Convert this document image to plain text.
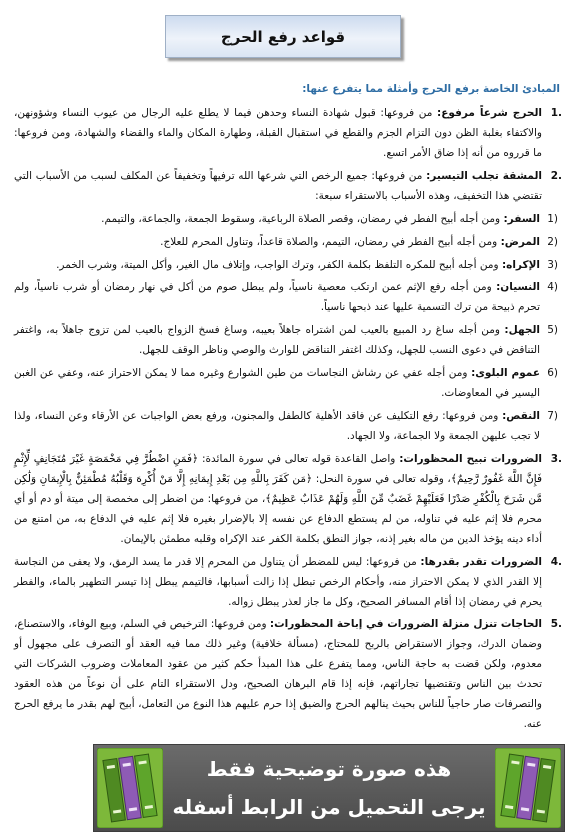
قواعد رفع الحرج
المبادئ الخاصة برفع الحرج وأمثلة مما يتفرع عنها:
1.
الحرج شرعاً مرفوع: من فروعها: قبول شهادة النساء وحدهن فيما لا يطلع عليه الرجال من عيوب النساء وشؤونهن، والاكتفاء بغلبة الظن دون التزام الجزم والقطع في استقبال القبلة، وطهارة المكان والماء والقضاء والشهادة، ومن فروعها: ما قرروه من أنه إذا ضاق الأمر اتسع.
2.
المشقة تجلب التيسير: من فروعها: جميع الرخص التي شرعها الله ترفيهاً وتخفيفاً عن المكلف لسبب من الأسباب التي تقتضي هذا التخفيف، وهذه الأسباب بالاستقراء سبعة:
1)
السفر: ومن أجله أبيح الفطر في رمضان، وقصر الصلاة الرباعية، وسقوط الجمعة، والجماعة، والتيمم.
2)
المرض: ومن أجله أبيح الفطر في رمضان، التيمم، والصلاة قاعداً، وتناول المحرم للعلاج.
3)
الإكراه: ومن أجله أبيح للمكره التلفظ بكلمة الكفر، وترك الواجب، وإتلاف مال الغير، وأكل الميتة، وشرب الخمر.
4)
النسيان: ومن أجله رفع الإثم عمن ارتكب معصية ناسياً، ولم يبطل صوم من أكل في نهار رمضان أو شرب ناسياً، ولم تحرم ذبيحة من ترك التسمية عليها عند ذبحها ناسياً.
5)
الجهل: ومن أجله ساغ رد المبيع بالعيب لمن اشتراه جاهلاً بعيبه، وساغ فسخ الزواج بالعيب لمن تزوج جاهلاً به، واغتفر التناقض في دعوى النسب للجهل، وكذلك اغتفر التناقض للوارث والوصي وناظر الوقف للجهل.
6)
عموم البلوى: ومن أجله عفي عن رشاش النجاسات من طين الشوارع وغيره مما لا يمكن الاحتراز عنه، وعفي عن الغبن اليسير في المعاوضات.
7)
النقص: ومن فروعها: رفع التكليف عن فاقد الأهلية كالطفل والمجنون، ورفع بعض الواجبات عن الأرقاء وعن النساء، ولذا لا تجب عليهن الجمعة ولا الجماعة، ولا الجهاد.
3.
الضرورات تبيح المحظورات: واصل القاعدة قوله تعالى في سورة المائدة: ﴿فَمَنِ اضْطُرَّ فِي مَخْمَصَةٍ غَيْرَ مُتَجَانِفٍ لِّإِثْمٍ فَإِنَّ اللَّهَ غَفُورٌ رَّحِيمٌ﴾، وقوله تعالى في سورة النحل: ﴿مَن كَفَرَ بِاللَّهِ مِن بَعْدِ إِيمَانِهِ إِلَّا مَنْ أُكْرِهَ وَقَلْبُهُ مُطْمَئِنٌّ بِالْإِيمَانِ وَلَٰكِن مَّن شَرَحَ بِالْكُفْرِ صَدْرًا فَعَلَيْهِمْ غَضَبٌ مِّنَ اللَّهِ وَلَهُمْ عَذَابٌ عَظِيمٌ﴾، من فروعها: من اضطر إلى مخمصة إلى ميتة أو دم أو أي محرم فلا إثم عليه في تناوله، من لم يستطع الدفاع عن نفسه إلا بالإضرار بغيره فلا إثم عليه في الدفاع به، من امتنع من أداء دينه يؤخذ الدين من ماله بغير إذنه، جواز النطق بكلمة الكفر عند الإكراه وقلبه مطمئن بالإيمان.
4.
الضرورات تقدر بقدرها: من فروعها: ليس للمضطر أن يتناول من المحرم إلا قدر ما يسد الرمق، ولا يعفى من النجاسة إلا القدر الذي لا يمكن الاحتراز منه، وأحكام الرخص تبطل إذا زالت أسبابها، فالتيمم يبطل إذا تيسر التطهير بالماء، والفطر يحرم في رمضان إذا أقام المسافر الصحيح، وكل ما جاز لعذر يبطل زواله.
5.
الحاجات تنزل منزلة الضرورات في إباحة المحظورات: ومن فروعها: الترخيص في السلم، وبيع الوفاء، والاستصناع، وضمان الدرك، وجواز الاستقراض بالربح للمحتاج، (مسألة خلافية) وغير ذلك مما فيه العقد أو التصرف على مجهول أو معدوم، ولكن قضت به حاجة الناس، ومما يتفرع على هذا المبدأ حكم كثير من عقود المعاملات وضروب الشركات التي تحدث بين الناس وتقتضيها تجاراتهم، فإنه إذا قام البرهان الصحيح، ودل الاستقراء التام على أن نوعاً من هذه العقود والتصرفات صار حاجياً للناس بحيث ينالهم الحرج والضيق إذا حرم عليهم هذا النوع من التعامل، أبيح لهم بقدر ما يرفع الحرج عنه.
هذه صورة توضيحية فقط
يرجى التحميل من الرابط أسفله
